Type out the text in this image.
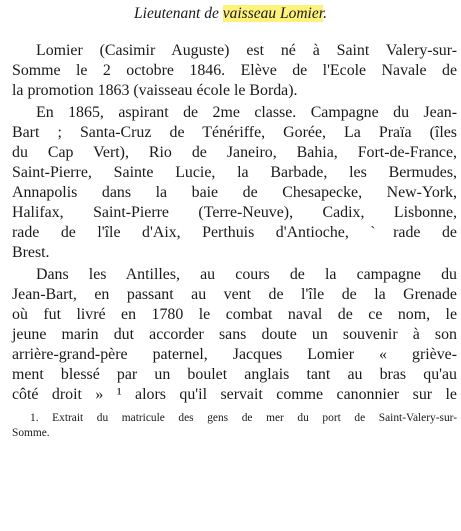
Lieutenant de vaisseau Lomier.
Lomier (Casimir Auguste) est né à Saint Valery-sur-
Somme le 2 octobre 1846. Elève de l'Ecole Navale de
la promotion 1863 (vaisseau école le Borda).
En 1865, aspirant de 2me classe. Campagne du Jean-
Bart ; Santa-Cruz de Ténériffe, Gorée, La Praïa (îles
du Cap Vert), Rio de Janeiro, Bahia, Fort-de-France,
Saint-Pierre, Sainte Lucie, la Barbade, les Bermudes,
Annapolis dans la baie de Chesapecke, New-York,
Halifax, Saint-Pierre (Terre-Neuve), Cadix, Lisbonne,
rade de l'île d'Aix, Perthuis d'Antioche, ˋrade de
Brest.
Dans les Antilles, au cours de la campagne du
Jean-Bart, en passant au vent de l'île de la Grenade
où fut livré en 1780 le combat naval de ce nom, le
jeune marin dut accorder sans doute un souvenir à son
arrière-grand-père paternel, Jacques Lomier « griève-
ment blessé par un boulet anglais tant au bras qu'au
côté droit » ¹ alors qu'il servait comme canonnier sur le
1. Extrait du matricule des gens de mer du port de Saint-Valery-sur-
Somme.
